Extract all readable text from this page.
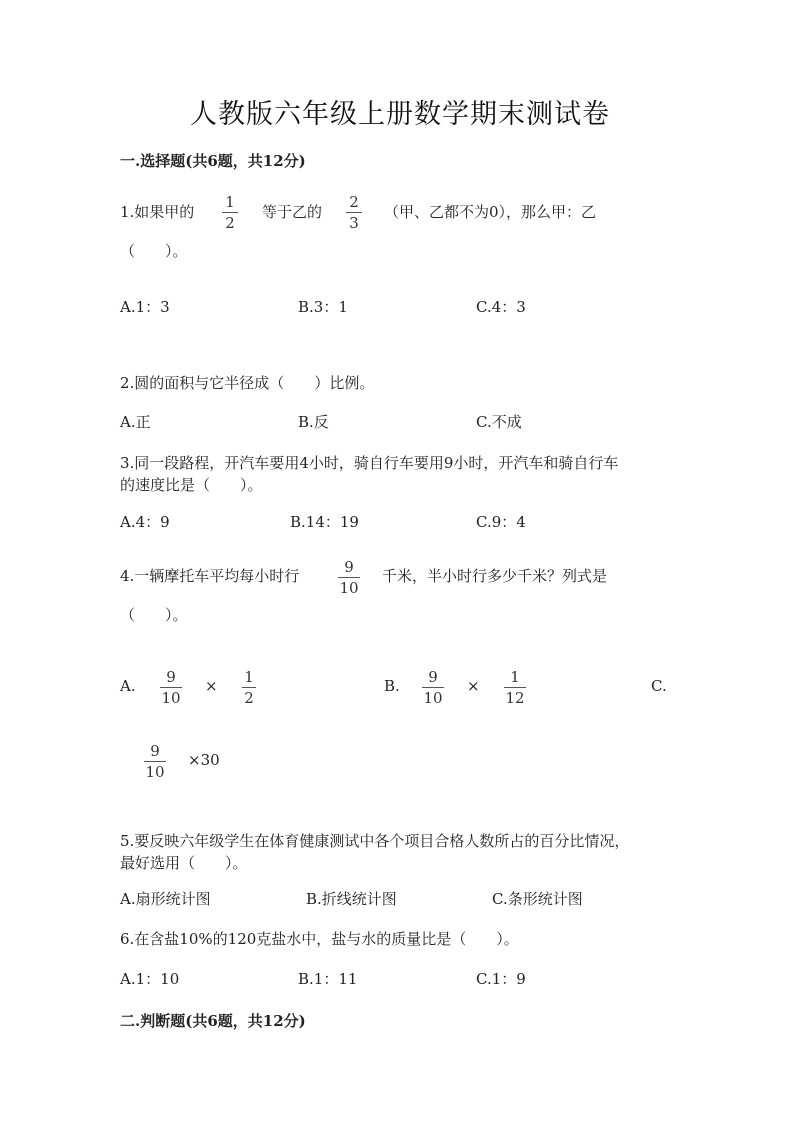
人教版六年级上册数学期末测试卷
一.选择题(共6题，共12分)
1.如果甲的
1
2
等于乙的
2
3
（甲、乙都不为0），那么甲：乙
（　　）。
A.1：3	B.3：1	C.4：3
2.圆的面积与它半径成（　　）比例。
A.正	B.反	C.不成
3.同一段路程，开汽车要用4小时，骑自行车要用9小时，开汽车和骑自行车
的速度比是（　　）。
A.4：9	B.14：19	C.9：4
4.一辆摩托车平均每小时行	9
10
千米，半小时行多少千米？列式是
（　　）。
A.	9
10
× 1
2
B.	9
10
×	1
12
C.
9
10
×30
5.要反映六年级学生在体育健康测试中各个项目合格人数所占的百分比情况，
最好选用（　　）。
A.扇形统计图	B.折线统计图	C.条形统计图
6.在含盐10%的120克盐水中，盐与水的质量比是（　　）。
A.1：10	B.1：11	C.1：9
二.判断题(共6题，共12分)
